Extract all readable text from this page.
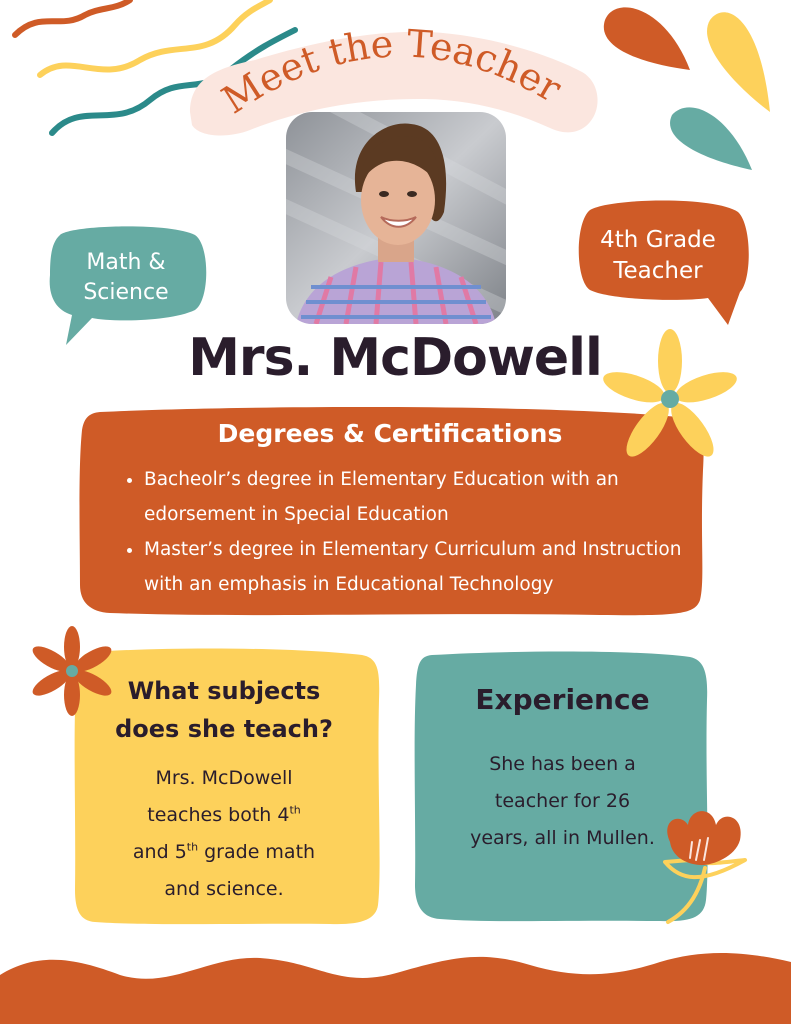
Meet the Teacher
Math &
Science
4th Grade
Teacher
Mrs. McDowell
Degrees & Certifications
• Bacheolr’s degree in Elementary Education with an edorsement in Special Education
• Master’s degree in Elementary Curriculum and Instruction with an emphasis in Educational Technology
What subjects
does she teach?
Mrs. McDowell
teaches both 4th
and 5th grade math
and science.
Experience
She has been a
teacher for 26
years, all in Mullen.
